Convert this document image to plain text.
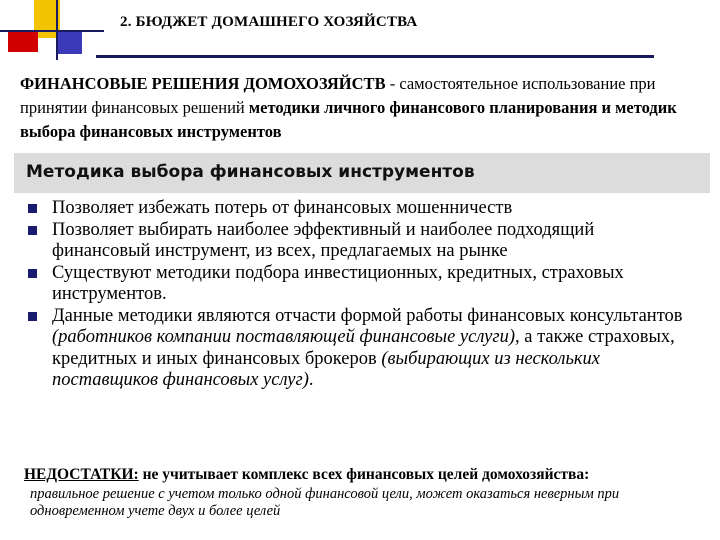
2. БЮДЖЕТ ДОМАШНЕГО ХОЗЯЙСТВА
ФИНАНСОВЫЕ РЕШЕНИЯ ДОМОХОЗЯЙСТВ - самостоятельное использование при принятии финансовых решений методики личного финансового планирования и методик выбора финансовых инструментов
Методика выбора финансовых инструментов
Позволяет избежать потерь от финансовых мошенничеств
Позволяет выбирать наиболее эффективный и наиболее подходящий финансовый инструмент, из всех, предлагаемых на рынке
Существуют методики подбора инвестиционных, кредитных, страховых инструментов.
Данные методики являются отчасти формой работы финансовых консультантов (работников компании поставляющей финансовые услуги), а также страховых, кредитных и иных финансовых брокеров (выбирающих из нескольких поставщиков финансовых услуг).
НЕДОСТАТКИ: не учитывает комплекс всех финансовых целей домохозяйства:
правильное решение с учетом только одной финансовой цели, может оказаться неверным при одновременном учете двух и более целей
